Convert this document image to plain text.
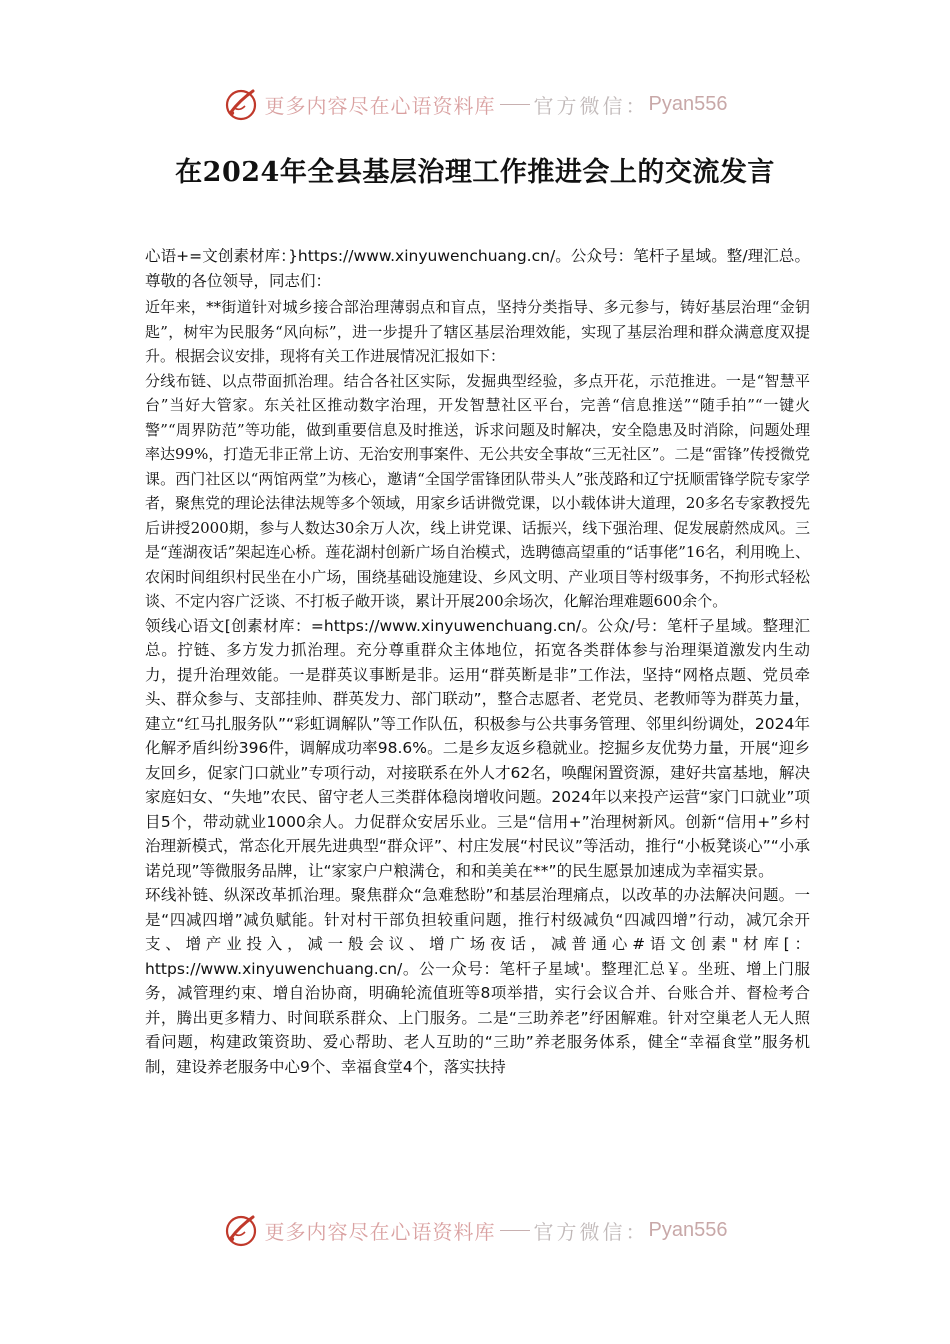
更多内容尽在心语资料库 官方微信： Pyan556
在2024年全县基层治理工作推进会上的交流发言

心语+=文创素材库：}https://www.xinyuwenchuang.cn/。公众号：笔杆子星域。整/理汇总。尊敬的各位领导，同志们：

近年来，**街道针对城乡接合部治理薄弱点和盲点，坚持分类指导、多元参与，铸好基层治理“金钥匙”，树牢为民服务“风向标”，进一步提升了辖区基层治理效能，实现了基层治理和群众满意度双提升。根据会议安排，现将有关工作进展情况汇报如下：

分线布链、以点带面抓治理。结合各社区实际，发掘典型经验，多点开花，示范推进。一是“智慧平台”当好大管家。东关社区推动数字治理，开发智慧社区平台，完善“信息推送”“随手拍”“一键火警”“周界防范”等功能，做到重要信息及时推送，诉求问题及时解决，安全隐患及时消除，问题处理率达99%，打造无非正常上访、无治安刑事案件、无公共安全事故“三无社区”。二是“雷锋”传授微党课。西门社区以“两馆两堂”为核心，邀请“全国学雷锋团队带头人”张茂路和辽宁抚顺雷锋学院专家学者，聚焦党的理论法律法规等多个领域，用家乡话讲微党课，以小载体讲大道理，20多名专家教授先后讲授2000期，参与人数达30余万人次，线上讲党课、话振兴，线下强治理、促发展蔚然成风。三是“莲湖夜话”架起连心桥。莲花湖村创新广场自治模式，选聘德高望重的“话事佬”16名，利用晚上、农闲时间组织村民坐在小广场，围绕基础设施建设、乡风文明、产业项目等村级事务，不拘形式轻松谈、不定内容广泛谈、不打板子敞开谈，累计开展200余场次，化解治理难题600余个。

领线心语文[创素材库：=https://www.xinyuwenchuang.cn/。公众/号：笔杆子星域。整理汇总。拧链、多方发力抓治理。充分尊重群众主体地位，拓宽各类群体参与治理渠道激发内生动力，提升治理效能。一是群英议事断是非。运用“群英断是非”工作法，坚持“网格点题、党员牵头、群众参与、支部挂帅、群英发力、部门联动”，整合志愿者、老党员、老教师等为群英力量，建立“红马扎服务队”“彩虹调解队”等工作队伍，积极参与公共事务管理、邻里纠纷调处，2024年化解矛盾纠纷396件，调解成功率98.6%。二是乡友返乡稳就业。挖掘乡友优势力量，开展“迎乡友回乡，促家门口就业”专项行动，对接联系在外人才62名，唤醒闲置资源，建好共富基地，解决家庭妇女、“失地”农民、留守老人三类群体稳岗增收问题。2024年以来投产运营“家门口就业”项目5个，带动就业1000余人。力促群众安居乐业。三是“信用+”治理树新风。创新“信用+”乡村治理新模式，常态化开展先进典型“群众评”、村庄发展“村民议”等活动，推行“小板凳谈心”“小承诺兑现”等微服务品牌，让“家家户户粮满仓，和和美美在**”的民生愿景加速成为幸福实景。

环线补链、纵深改革抓治理。聚焦群众“急难愁盼”和基层治理痛点，以改革的办法解决问题。一是“四减四增”减负赋能。针对村干部负担较重问题，推行村级减负“四减四增”行动，减冗余开支、增产业投入，减一般会议、增广场夜话，减普通心#语文创素"材库[：https://www.xinyuwenchuang.cn/。公一众号：笔杆子星域'。整理汇总￥。坐班、增上门服务，减管理约束、增自治协商，明确轮流值班等8项举措，实行会议合并、台账合并、督检考合并，腾出更多精力、时间联系群众、上门服务。二是“三助养老”纾困解难。针对空巢老人无人照看问题，构建政策资助、爱心帮助、老人互助的“三助”养老服务体系，健全“幸福食堂”服务机制，建设养老服务中心9个、幸福食堂4个，落实扶持

更多内容尽在心语资料库 官方微信： Pyan556
